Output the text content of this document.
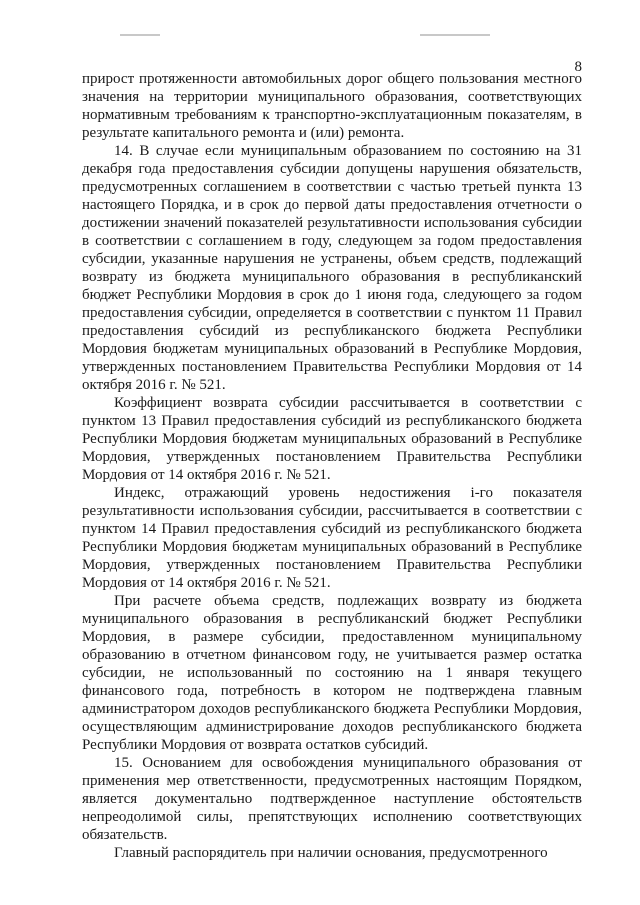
8

прирост протяженности автомобильных дорог общего пользования местного значения на территории муниципального образования, соответствующих нормативным требованиям к транспортно-эксплуатационным показателям, в результате капитального ремонта и (или) ремонта.

14. В случае если муниципальным образованием по состоянию на 31 декабря года предоставления субсидии допущены нарушения обязательств, предусмотренных соглашением в соответствии с частью третьей пункта 13 настоящего Порядка, и в срок до первой даты предоставления отчетности о достижении значений показателей результативности использования субсидии в соответствии с соглашением в году, следующем за годом предоставления субсидии, указанные нарушения не устранены, объем средств, подлежащий возврату из бюджета муниципального образования в республиканский бюджет Республики Мордовия в срок до 1 июня года, следующего за годом предоставления субсидии, определяется в соответствии с пунктом 11 Правил предоставления субсидий из республиканского бюджета Республики Мордовия бюджетам муниципальных образований в Республике Мордовия, утвержденных постановлением Правительства Республики Мордовия от 14 октября 2016 г. № 521.

Коэффициент возврата субсидии рассчитывается в соответствии с пунктом 13 Правил предоставления субсидий из республиканского бюджета Республики Мордовия бюджетам муниципальных образований в Республике Мордовия, утвержденных постановлением Правительства Республики Мордовия от 14 октября 2016 г. № 521.

Индекс, отражающий уровень недостижения i-го показателя результативности использования субсидии, рассчитывается в соответствии с пунктом 14 Правил предоставления субсидий из республиканского бюджета Республики Мордовия бюджетам муниципальных образований в Республике Мордовия, утвержденных постановлением Правительства Республики Мордовия от 14 октября 2016 г. № 521.

При расчете объема средств, подлежащих возврату из бюджета муниципального образования в республиканский бюджет Республики Мордовия, в размере субсидии, предоставленном муниципальному образованию в отчетном финансовом году, не учитывается размер остатка субсидии, не использованный по состоянию на 1 января текущего финансового года, потребность в котором не подтверждена главным администратором доходов республиканского бюджета Республики Мордовия, осуществляющим администрирование доходов республиканского бюджета Республики Мордовия от возврата остатков субсидий.

15. Основанием для освобождения муниципального образования от применения мер ответственности, предусмотренных настоящим Порядком, является документально подтвержденное наступление обстоятельств непреодолимой силы, препятствующих исполнению соответствующих обязательств.

Главный распорядитель при наличии основания, предусмотренного
